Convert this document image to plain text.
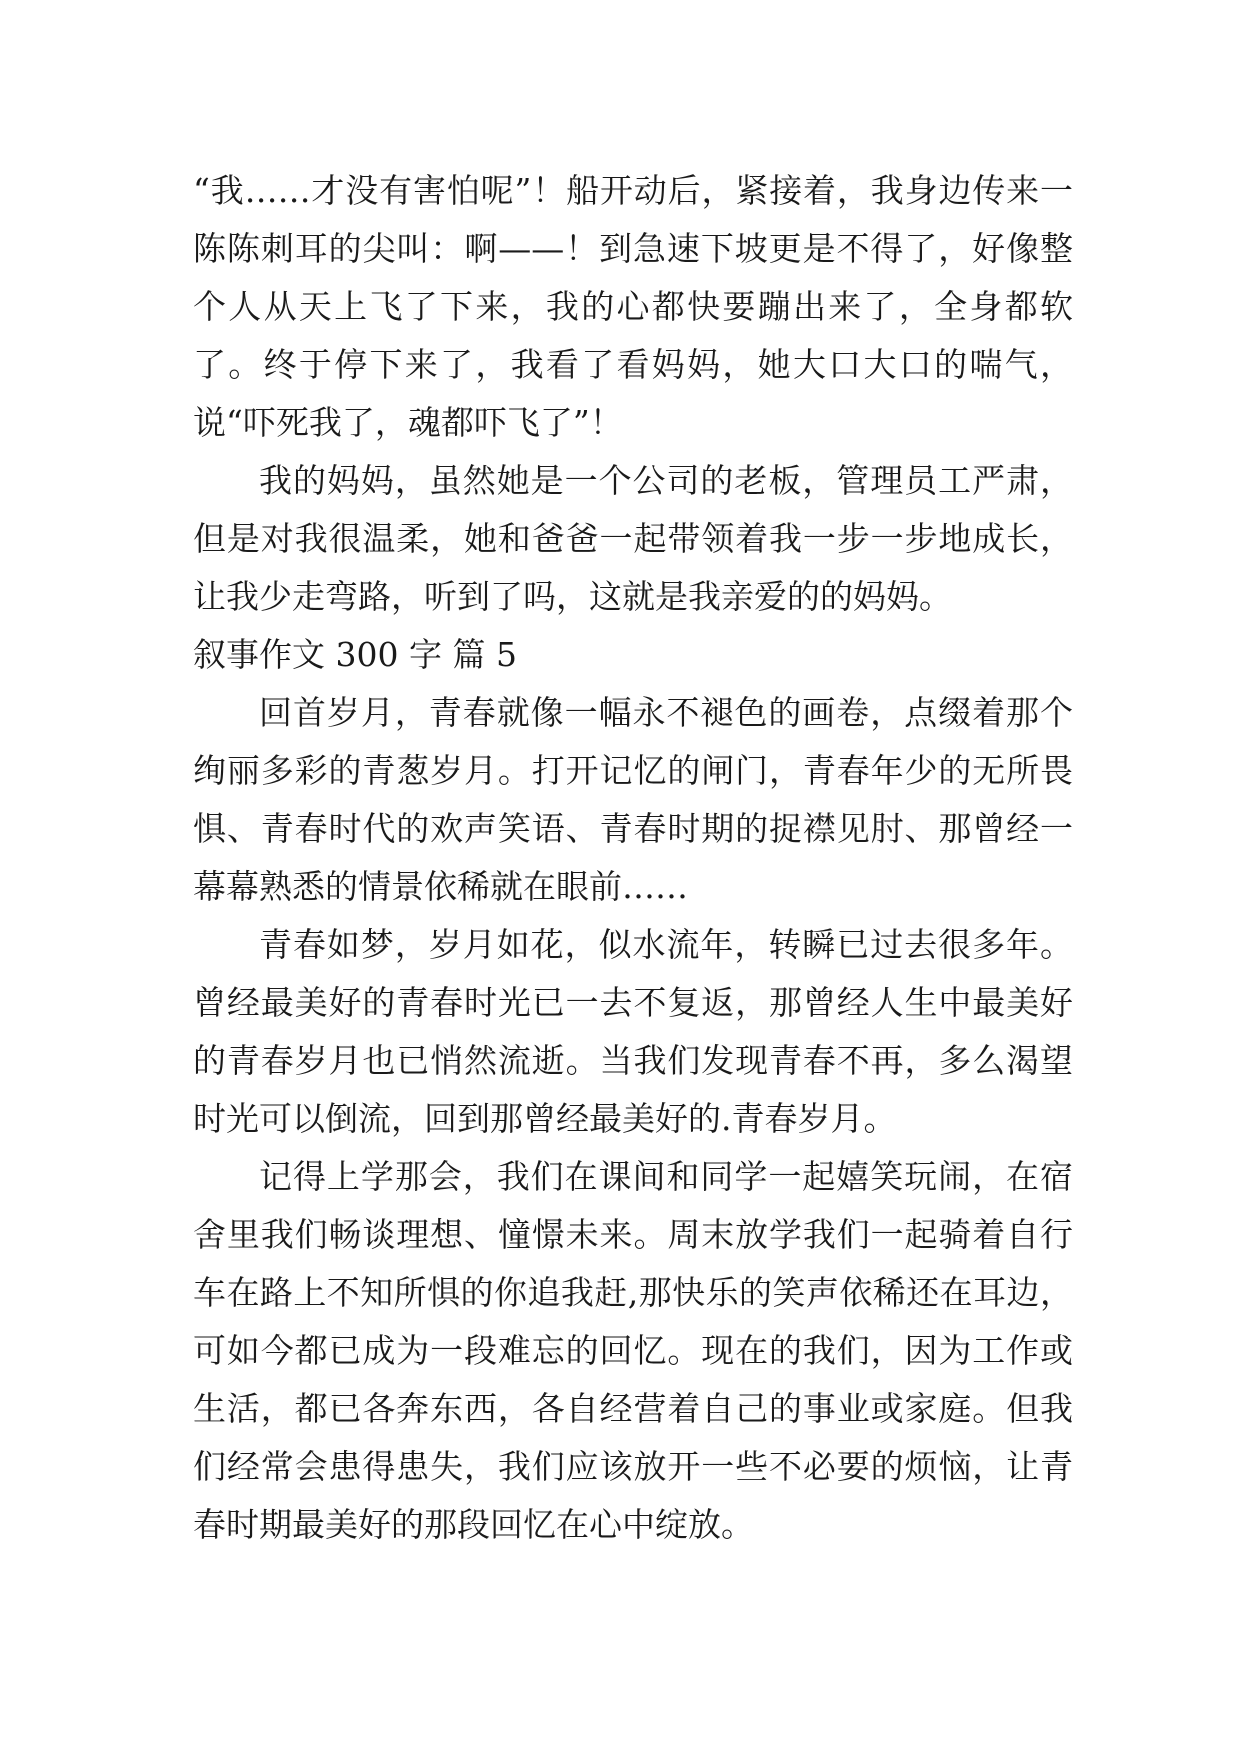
“我……才没有害怕呢”！船开动后，紧接着，我身边传来一陈陈刺耳的尖叫：啊——！到急速下坡更是不得了，好像整个人从天上飞了下来，我的心都快要蹦出来了，全身都软了。终于停下来了，我看了看妈妈，她大口大口的喘气，说“吓死我了，魂都吓飞了”！

我的妈妈，虽然她是一个公司的老板，管理员工严肃，但是对我很温柔，她和爸爸一起带领着我一步一步地成长，让我少走弯路，听到了吗，这就是我亲爱的的妈妈。

叙事作文 300 字 篇 5

回首岁月，青春就像一幅永不褪色的画卷，点缀着那个绚丽多彩的青葱岁月。打开记忆的闸门，青春年少的无所畏惧、青春时代的欢声笑语、青春时期的捉襟见肘、那曾经一幕幕熟悉的情景依稀就在眼前……

青春如梦，岁月如花，似水流年，转瞬已过去很多年。曾经最美好的青春时光已一去不复返，那曾经人生中最美好的青春岁月也已悄然流逝。当我们发现青春不再，多么渴望时光可以倒流，回到那曾经最美好的.青春岁月。

记得上学那会，我们在课间和同学一起嬉笑玩闹，在宿舍里我们畅谈理想、憧憬未来。周末放学我们一起骑着自行车在路上不知所惧的你追我赶,那快乐的笑声依稀还在耳边，可如今都已成为一段难忘的回忆。现在的我们，因为工作或生活，都已各奔东西，各自经营着自己的事业或家庭。但我们经常会患得患失，我们应该放开一些不必要的烦恼，让青春时期最美好的那段回忆在心中绽放。
